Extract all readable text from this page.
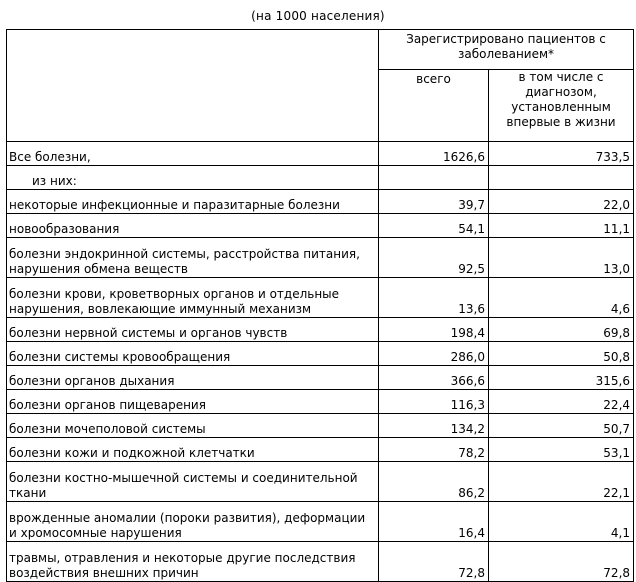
(на 1000 населения)
	Зарегистрировано пациентов с заболеванием*	
	всего	в том числе с диагнозом, установленным впервые в жизни
Все болезни,	1626,6	733,5
из них:		
некоторые инфекционные и паразитарные болезни	39,7	22,0
новообразования	54,1	11,1
болезни эндокринной системы, расстройства питания, нарушения обмена веществ	92,5	13,0
болезни крови, кроветворных органов и отдельные нарушения, вовлекающие иммунный механизм	13,6	4,6
болезни нервной системы и органов чувств	198,4	69,8
болезни системы кровообращения	286,0	50,8
болезни органов дыхания	366,6	315,6
болезни органов пищеварения	116,3	22,4
болезни мочеполовой системы	134,2	50,7
болезни кожи и подкожной клетчатки	78,2	53,1
болезни костно-мышечной системы и соединительной ткани	86,2	22,1
врожденные аномалии (пороки развития), деформации и хромосомные нарушения	16,4	4,1
травмы, отравления и некоторые другие последствия воздействия внешних причин	72,8	72,8
